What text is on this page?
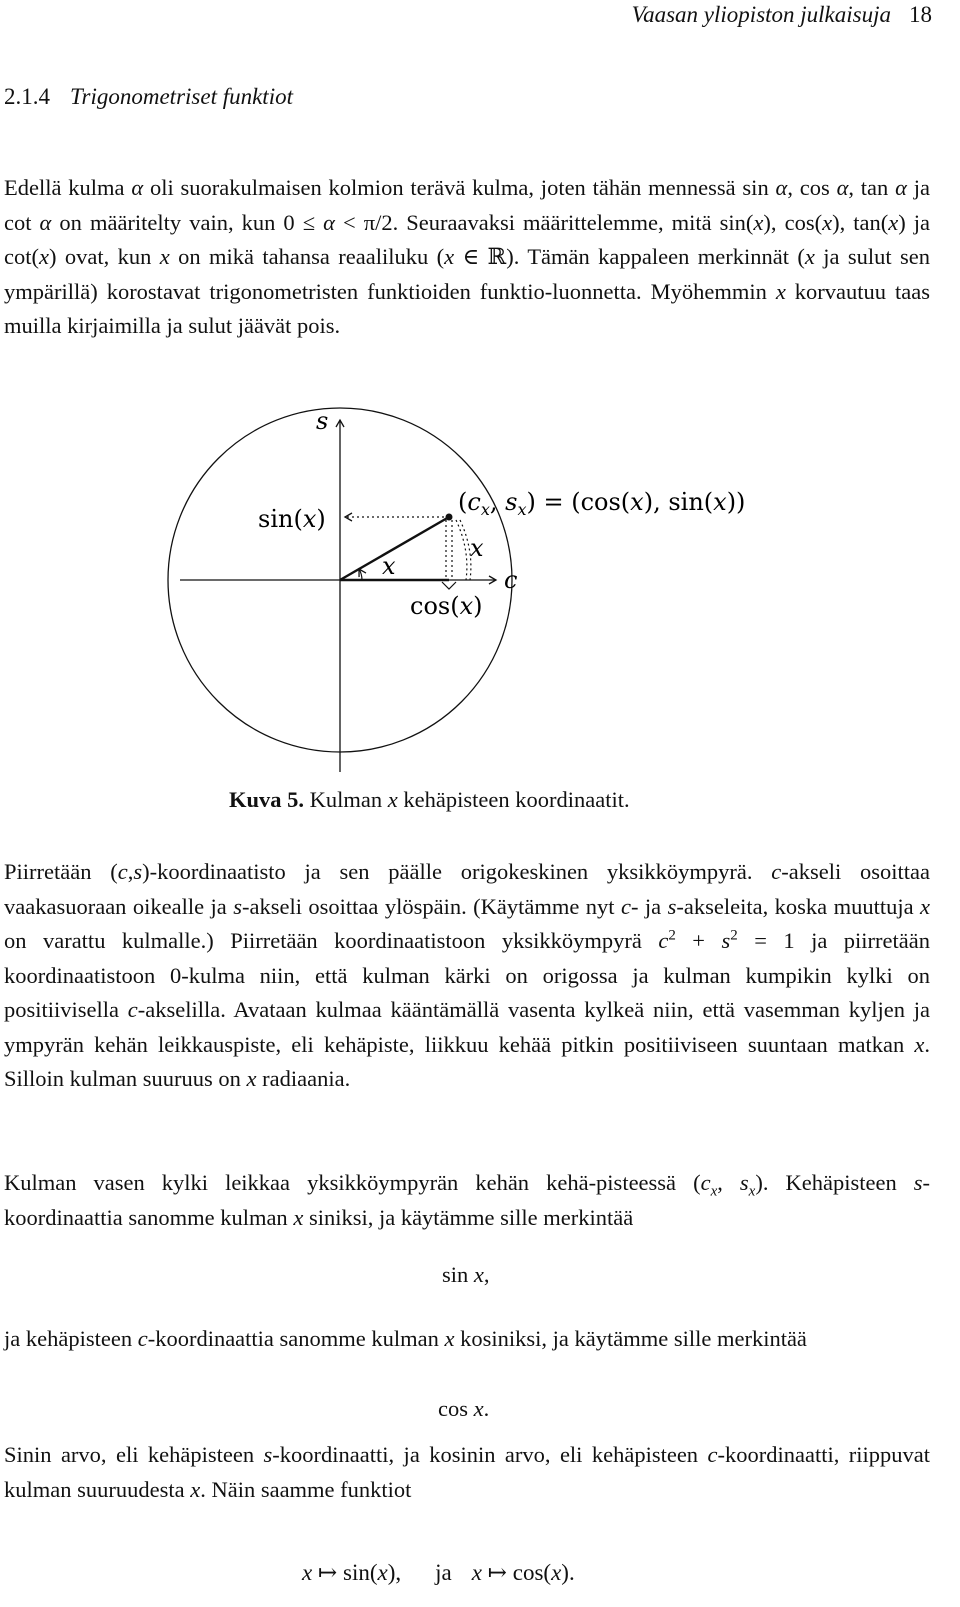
Vaasan yliopiston julkaisuja 18
2.1.4 Trigonometriset funktiot
Edellä kulma α oli suorakulmaisen kolmion terävä kulma, joten tähän mennessä sin α, cos α, tan α ja cot α on määritelty vain, kun 0 ≤ α < π/2. Seuraavaksi määrittelemme, mitä sin(x), cos(x), tan(x) ja cot(x) ovat, kun x on mikä tahansa reaaliluku (x ∈ ℝ). Tämän kappaleen merkinnät (x ja sulut sen ympärillä) korostavat trigonometristen funktioiden funktio-luonnetta. Myöhemmin x korvautuu taas muilla kirjaimilla ja sulut jäävät pois.
s
c
sin(x)
cos(x)
x
x
($c_x$, $s_x) = (\cos(x)$, sin(x))
Kuva 5. Kulman x kehäpisteen koordinaatit.
Piirretään (c,s)-koordinaatisto ja sen päälle origokeskinen yksikköympyrä. c-akseli osoittaa vaakasuoraan oikealle ja s-akseli osoittaa ylöspäin. (Käytämme nyt c- ja s-akseleita, koska muuttuja x on varattu kulmalle.) Piirretään koordinaatistoon yksikköympyrä $c^2 + s^2 = 1$ ja piirretään koordinaatistoon 0-kulma niin, että kulman kärki on origossa ja kulman kumpikin kylki on positiivisella c-akselilla. Avataan kulmaa kääntämällä vasenta kylkeä niin, että vasemman kyljen ja ympyrän kehän leikkauspiste, eli kehäpiste, liikkuu kehää pitkin positiiviseen suuntaan matkan x. Silloin kulman suuruus on x radiaania.
Kulman vasen kylki leikkaa yksikköympyrän kehän kehä-pisteessä ($c_x$, $s_x$). Kehäpisteen s-koordinaattia sanomme kulman x siniksi, ja käytämme sille merkintää
sin x,
ja kehäpisteen c-koordinaattia sanomme kulman x kosiniksi, ja käytämme sille merkintää
cos x.
Sinin arvo, eli kehäpisteen s-koordinaatti, ja kosinin arvo, eli kehäpisteen c-koordinaatti, riippuvat kulman suuruudesta x. Näin saamme funktiot
x ↦ sin(x), ja x ↦ cos(x).
